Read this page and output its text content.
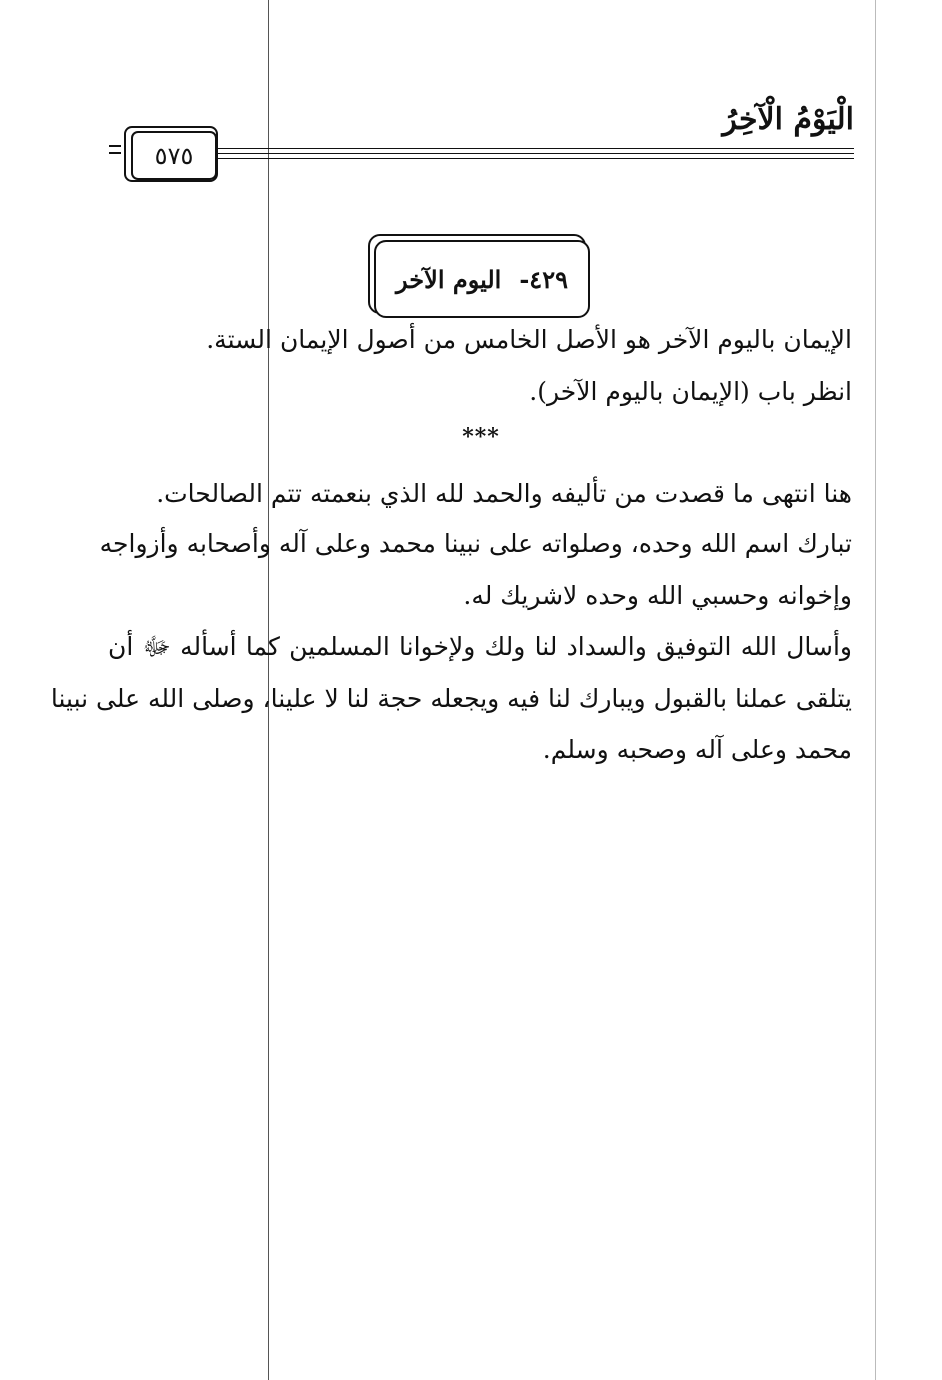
الْيَوْمُ الْآخِرُ
٥٧٥
٤٢٩-
اليوم الآخر
الإيمان باليوم الآخر هو الأصل الخامس من أصول الإيمان الستة.
انظر باب (الإيمان باليوم الآخر).
***
هنا انتهى ما قصدت من تأليفه والحمد لله الذي بنعمته تتم الصالحات.
تبارك اسم الله وحده، وصلواته على نبينا محمد وعلى آله وأصحابه وأزواجه
وإخوانه وحسبي الله وحده لاشريك له.
وأسال الله التوفيق والسداد لنا ولك ولإخوانا المسلمين كما أسأله ﷻ أن
يتلقى عملنا بالقبول ويبارك لنا فيه ويجعله حجة لنا لا علينا، وصلى الله على نبينا
محمد وعلى آله وصحبه وسلم.
